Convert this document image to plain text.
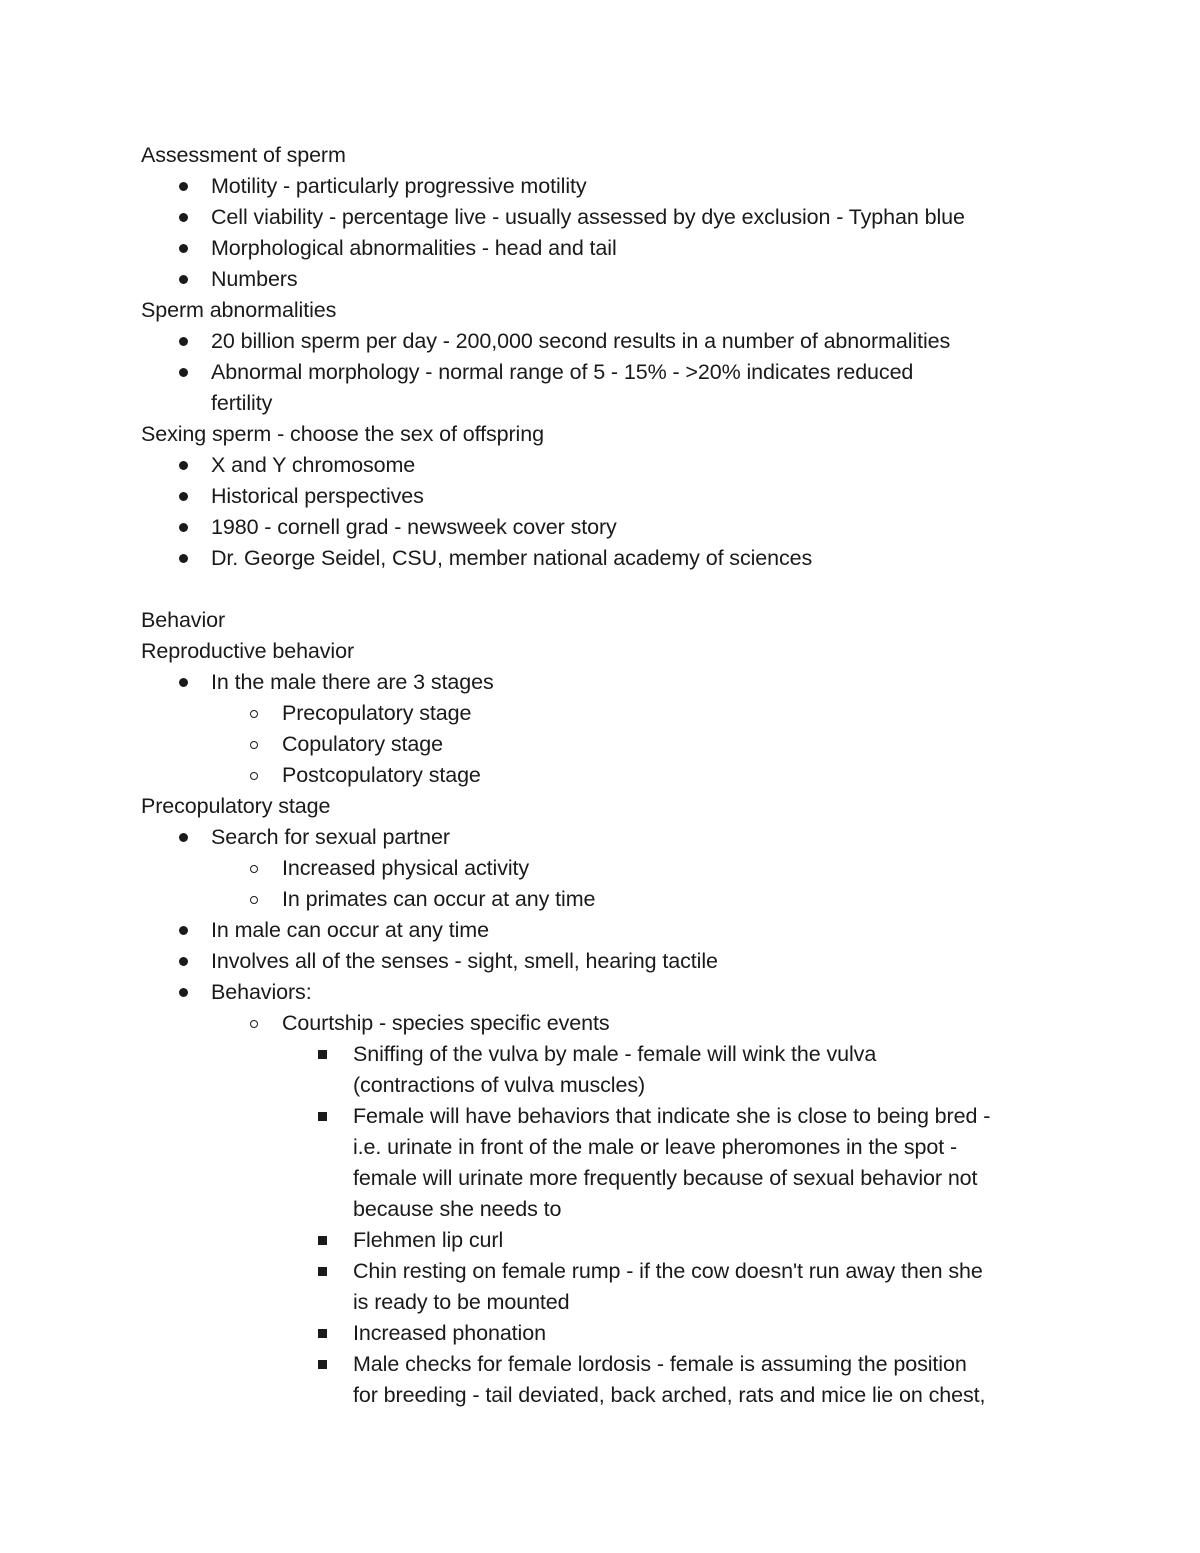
Assessment of sperm
Motility - particularly progressive motility
Cell viability - percentage live - usually assessed by dye exclusion - Typhan blue
Morphological abnormalities - head and tail
Numbers
Sperm abnormalities
20 billion sperm per day - 200,000 second results in a number of abnormalities
Abnormal morphology - normal range of 5 - 15% - >20% indicates reduced
fertility
Sexing sperm - choose the sex of offspring
X and Y chromosome
Historical perspectives
1980 - cornell grad - newsweek cover story
Dr. George Seidel, CSU, member national academy of sciences
Behavior
Reproductive behavior
In the male there are 3 stages
Precopulatory stage
Copulatory stage
Postcopulatory stage
Precopulatory stage
Search for sexual partner
Increased physical activity
In primates can occur at any time
In male can occur at any time
Involves all of the senses - sight, smell, hearing tactile
Behaviors:
Courtship - species specific events
Sniffing of the vulva by male - female will wink the vulva
(contractions of vulva muscles)
Female will have behaviors that indicate she is close to being bred -
i.e. urinate in front of the male or leave pheromones in the spot -
female will urinate more frequently because of sexual behavior not
because she needs to
Flehmen lip curl
Chin resting on female rump - if the cow doesn't run away then she
is ready to be mounted
Increased phonation
Male checks for female lordosis - female is assuming the position
for breeding - tail deviated, back arched, rats and mice lie on chest,
